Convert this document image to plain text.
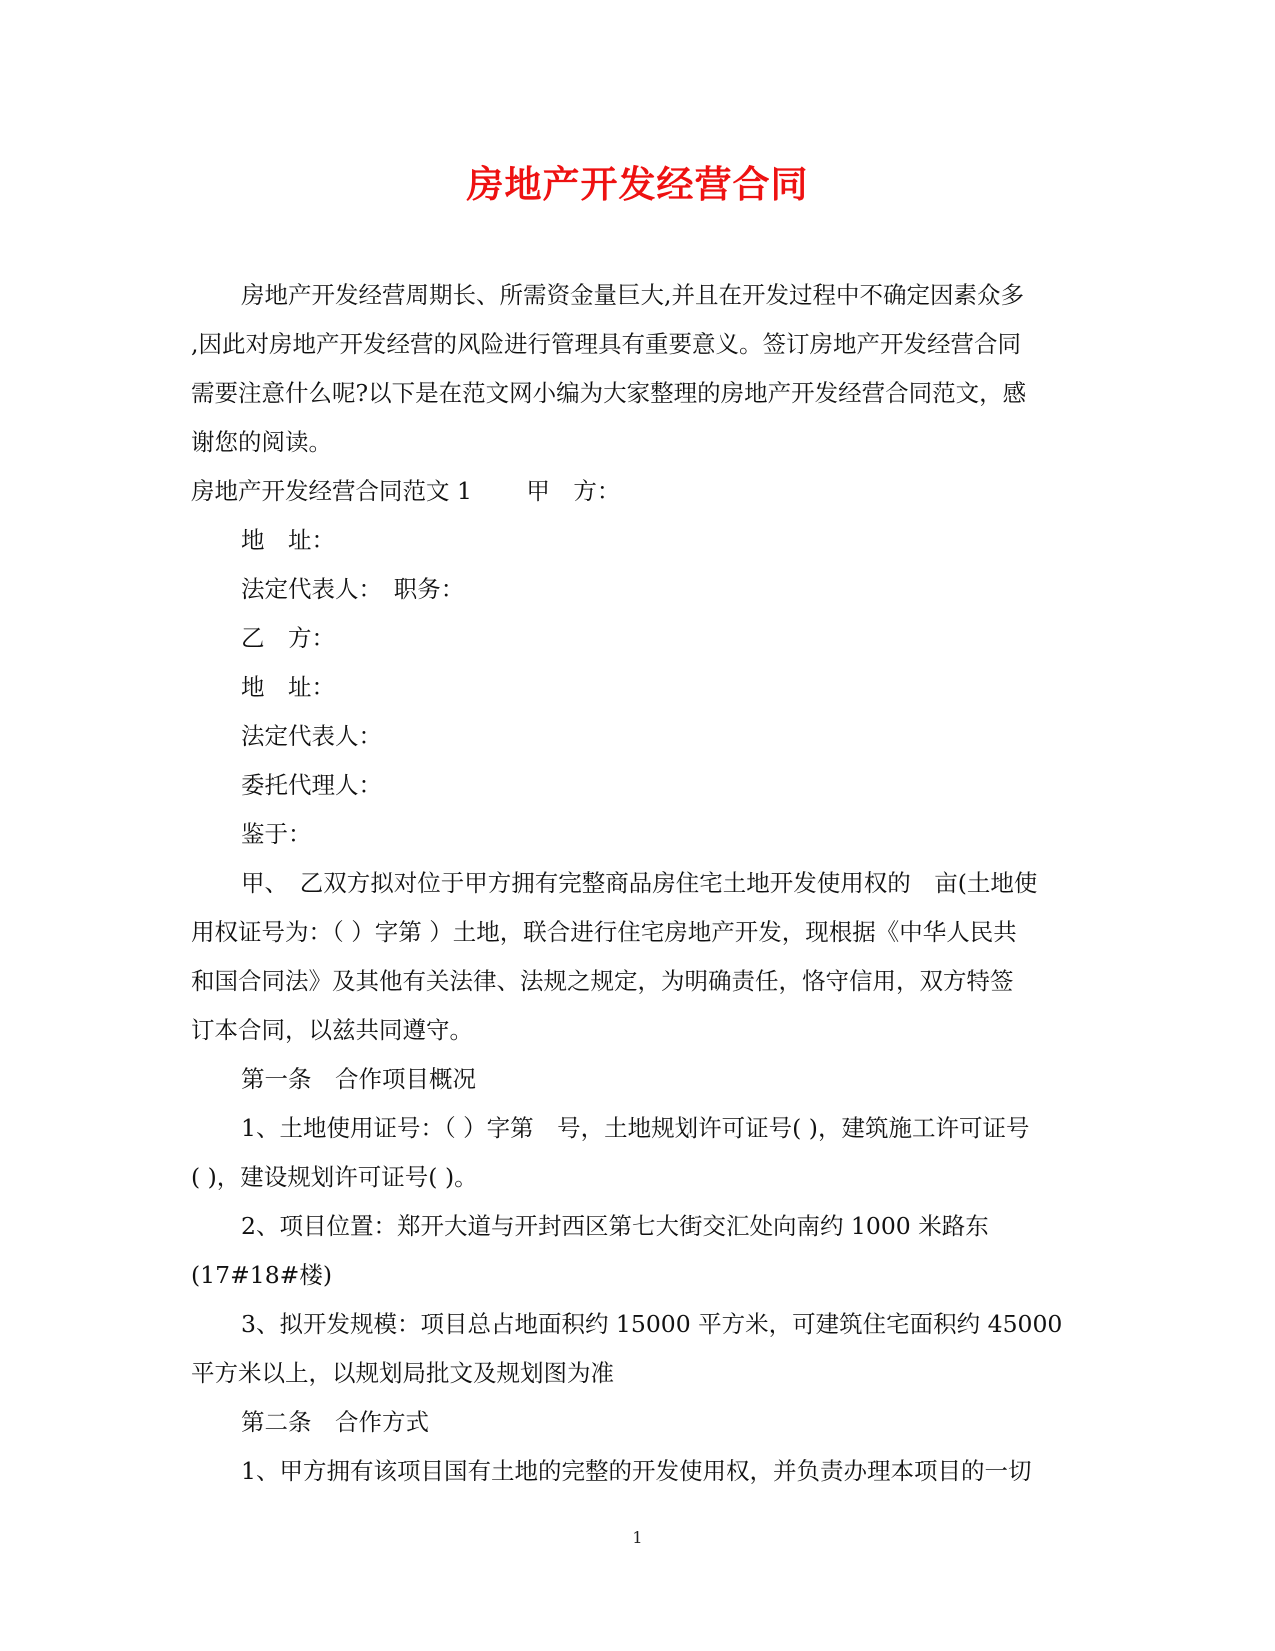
房地产开发经营合同

房地产开发经营周期长、所需资金量巨大,并且在开发过程中不确定因素众多

,因此对房地产开发经营的风险进行管理具有重要意义。签订房地产开发经营合同

需要注意什么呢?以下是在范文网小编为大家整理的房地产开发经营合同范文，感

谢您的阅读。

房地产开发经营合同范文 1　　 甲　方：

地　址：

法定代表人：　职务：

乙　方：

地　址：

法定代表人：

委托代理人：

鉴于：

甲、　乙双方拟对位于甲方拥有完整商品房住宅土地开发使用权的　亩(土地使

用权证号为：（ ）字第 ）土地，联合进行住宅房地产开发，现根据《中华人民共

和国合同法》及其他有关法律、法规之规定，为明确责任，恪守信用，双方特签

订本合同，以兹共同遵守。

第一条　合作项目概况

1、土地使用证号：（ ）字第　号，土地规划许可证号( )，建筑施工许可证号

( )，建设规划许可证号( )。

2、项目位置：郑开大道与开封西区第七大街交汇处向南约 1000 米路东

(17#18#楼)

3、拟开发规模：项目总占地面积约 15000 平方米，可建筑住宅面积约 45000

平方米以上，以规划局批文及规划图为准

第二条　合作方式

1、甲方拥有该项目国有土地的完整的开发使用权，并负责办理本项目的一切

1
